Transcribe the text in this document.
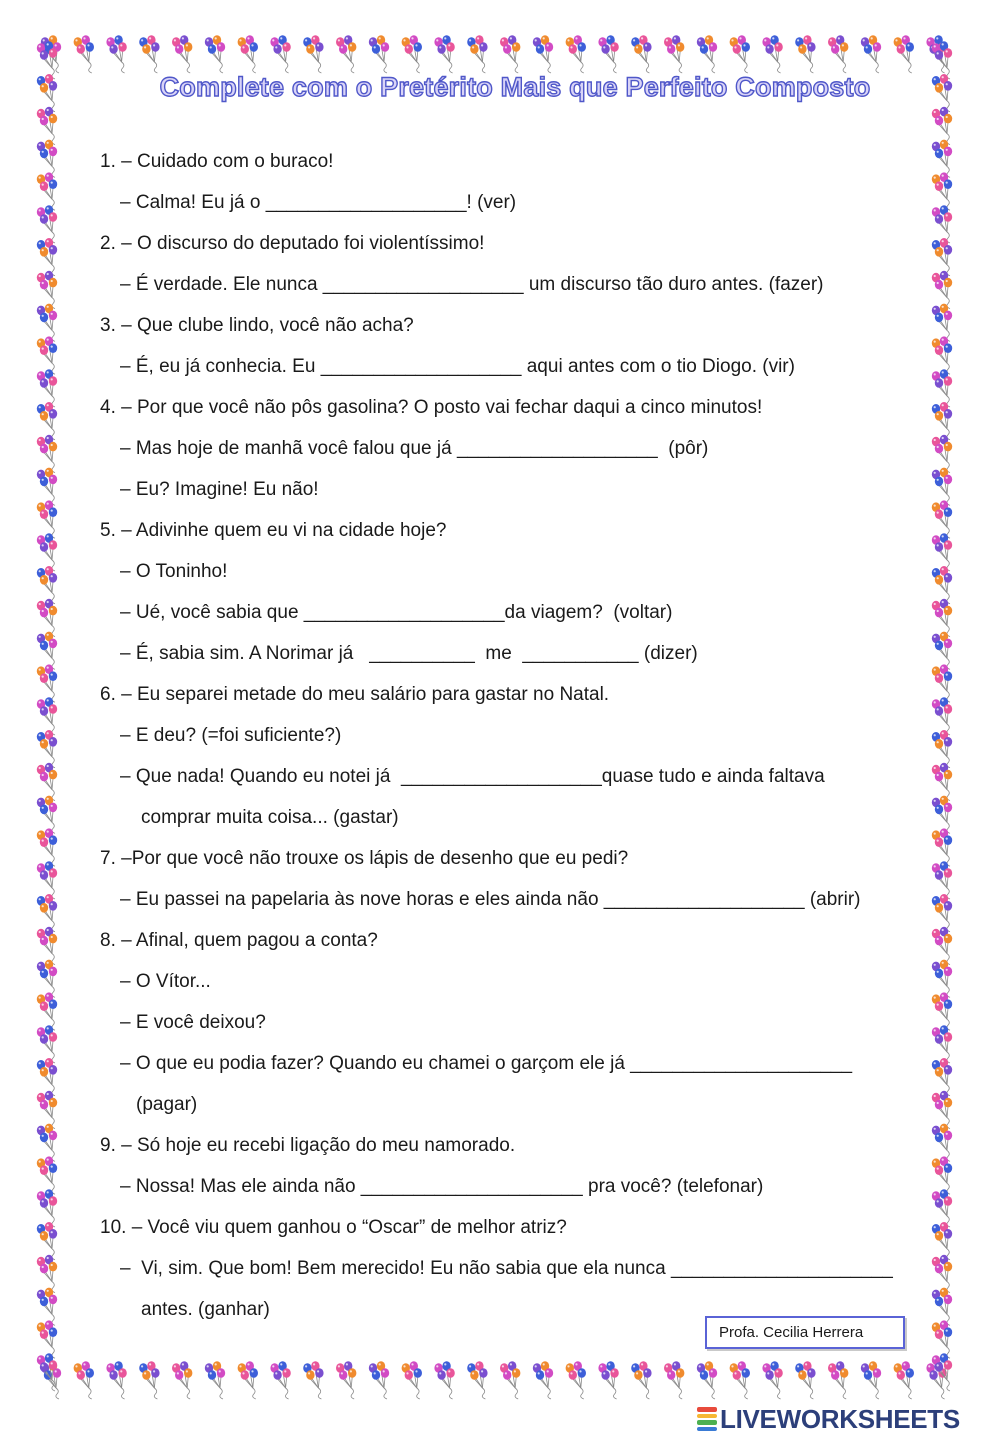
Complete com o Pretérito Mais que Perfeito Composto
1. – Cuidado com o buraco!
– Calma! Eu já o ___________________! (ver)
2. – O discurso do deputado foi violentíssimo!
– É verdade. Ele nunca ___________________ um discurso tão duro antes. (fazer)
3. – Que clube lindo, você não acha?
– É, eu já conhecia. Eu ___________________ aqui antes com o tio Diogo. (vir)
4. – Por que você não pôs gasolina? O posto vai fechar daqui a cinco minutos!
– Mas hoje de manhã você falou que já ___________________  (pôr)
– Eu? Imagine! Eu não!
5. – Adivinhe quem eu vi na cidade hoje?
– O Toninho!
– Ué, você sabia que ___________________da viagem?  (voltar)
– É, sabia sim. A Norimar já   __________  me  ___________ (dizer)
6. – Eu separei metade do meu salário para gastar no Natal.
– E deu? (=foi suficiente?)
– Que nada! Quando eu notei já  ___________________quase tudo e ainda faltava
comprar muita coisa... (gastar)
7. –Por que você não trouxe os lápis de desenho que eu pedi?
– Eu passei na papelaria às nove horas e eles ainda não ___________________ (abrir)
8. – Afinal, quem pagou a conta?
– O Vítor...
– E você deixou?
– O que eu podia fazer? Quando eu chamei o garçom ele já _____________________
(pagar)
9. – Só hoje eu recebi ligação do meu namorado.
– Nossa! Mas ele ainda não _____________________ pra você? (telefonar)
10. – Você viu quem ganhou o “Oscar” de melhor atriz?
–  Vi, sim. Que bom! Bem merecido! Eu não sabia que ela nunca _____________________
antes. (ganhar)
Profa. Cecilia Herrera
LIVEWORKSHEETS
